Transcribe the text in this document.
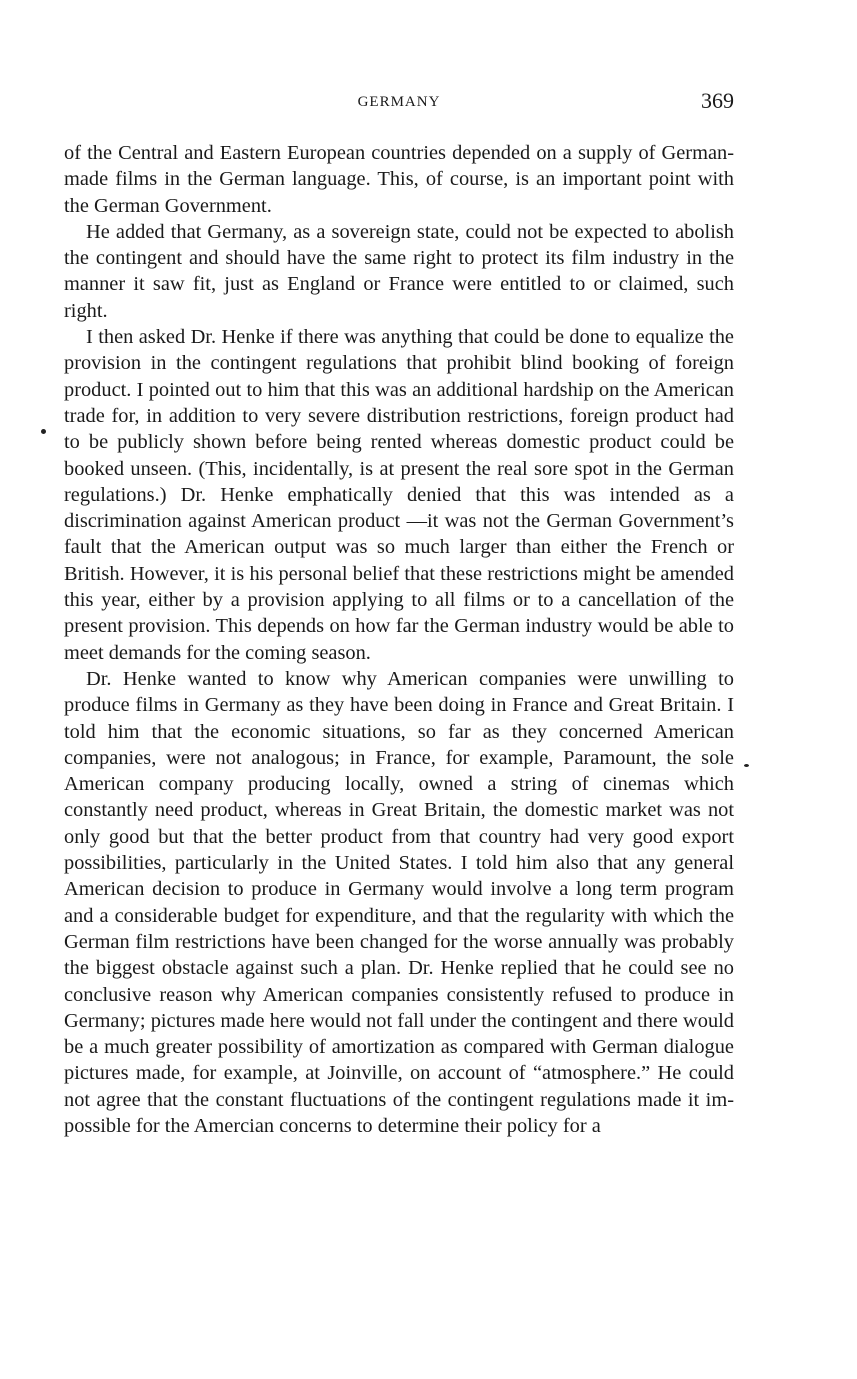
GERMANY	369

of the Central and Eastern European countries depended on a supply of German-made films in the German language. This, of course, is an important point with the German Government.

He added that Germany, as a sovereign state, could not be expected to abolish the contingent and should have the same right to protect its film industry in the manner it saw fit, just as England or France were entitled to or claimed, such right.

I then asked Dr. Henke if there was anything that could be done to equalize the provision in the contingent regulations that prohibit blind booking of foreign product. I pointed out to him that this was an additional hardship on the American trade for, in addition to very severe distribution restrictions, foreign product had to be publicly shown before being rented whereas domestic product could be booked unseen. (This, incidentally, is at present the real sore spot in the German regulations.) Dr. Henke emphatically denied that this was intended as a discrimination against American product —it was not the German Government’s fault that the American output was so much larger than either the French or British. However, it is his personal belief that these restrictions might be amended this year, either by a provision applying to all films or to a cancellation of the present provision. This depends on how far the German industry would be able to meet demands for the coming season.

Dr. Henke wanted to know why American companies were unwilling to produce films in Germany as they have been doing in France and Great Britain. I told him that the economic situations, so far as they concerned American companies, were not analogous; in France, for example, Paramount, the sole American company producing locally, owned a string of cinemas which constantly need product, whereas in Great Britain, the domestic market was not only good but that the better product from that country had very good export possibilities, particularly in the United States. I told him also that any general American decision to produce in Germany would involve a long term program and a considerable budget for expenditure, and that the regularity with which the German film restrictions have been changed for the worse annually was probably the biggest obstacle against such a plan. Dr. Henke replied that he could see no conclusive reason why American companies consistently refused to produce in Germany; pictures made here would not fall under the contingent and there would be a much greater possibility of amortization as compared with German dialogue pictures made, for example, at Joinville, on account of “atmosphere.” He could not agree that the constant fluctuations of the contingent regulations made it impossible for the Amercian concerns to determine their policy for a
